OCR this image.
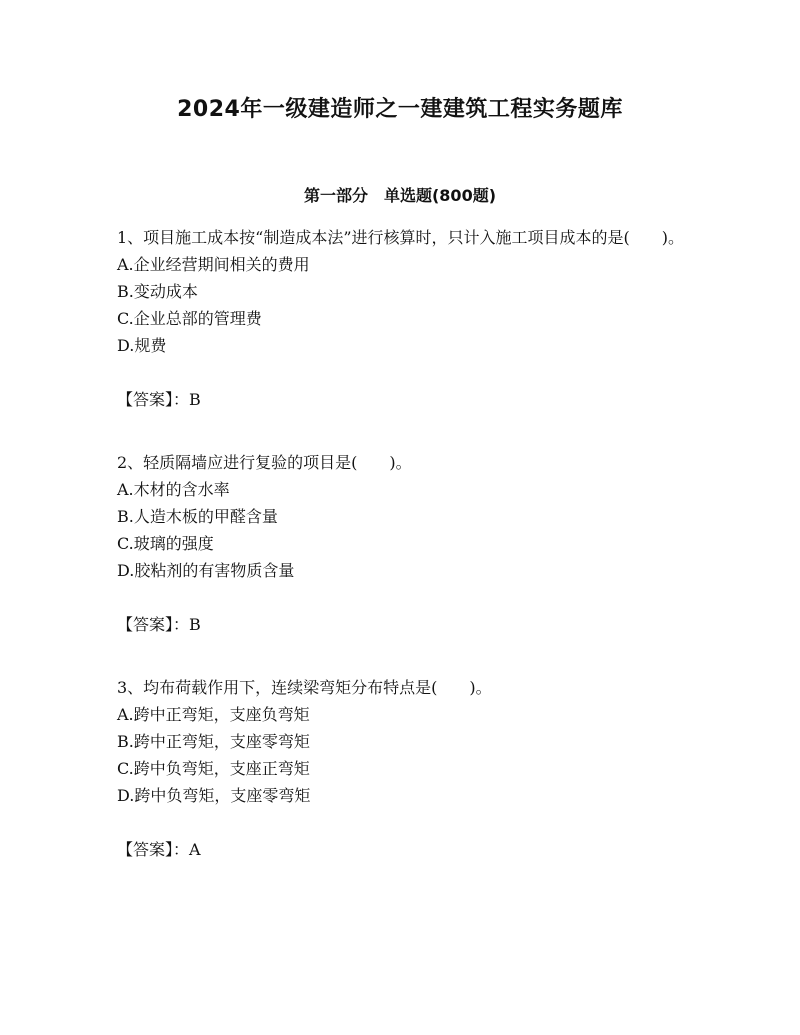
2024年一级建造师之一建建筑工程实务题库
第一部分　单选题(800题)

1、项目施工成本按“制造成本法”进行核算时，只计入施工项目成本的是(　　)。

A.企业经营期间相关的费用

B.变动成本

C.企业总部的管理费

D.规费

【答案】：B

2、轻质隔墙应进行复验的项目是(　　)。

A.木材的含水率

B.人造木板的甲醛含量

C.玻璃的强度

D.胶粘剂的有害物质含量

【答案】：B

3、均布荷载作用下，连续梁弯矩分布特点是(　　)。

A.跨中正弯矩，支座负弯矩

B.跨中正弯矩，支座零弯矩

C.跨中负弯矩，支座正弯矩

D.跨中负弯矩，支座零弯矩

【答案】：A
